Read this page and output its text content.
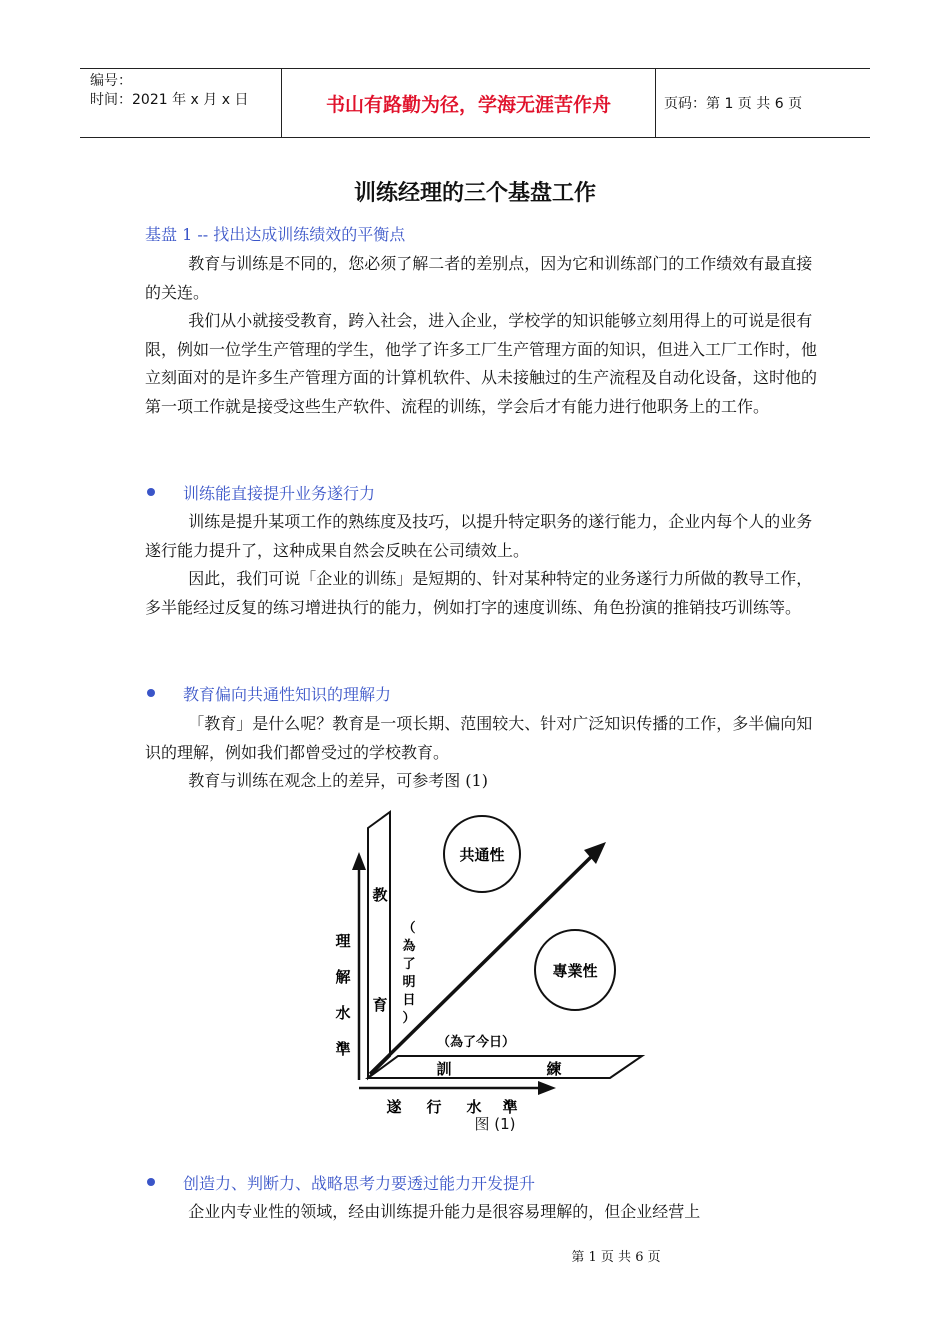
编号：
时间：2021 年 x 月 x 日	书山有路勤为径，学海无涯苦作舟	页码：第 1 页 共 6 页
训练经理的三个基盘工作
基盘 1 -- 找出达成训练绩效的平衡点

教育与训练是不同的，您必须了解二者的差别点，因为它和训练部门的工作绩效有最直接的关连。

我们从小就接受教育，跨入社会，进入企业，学校学的知识能够立刻用得上的可说是很有限，例如一位学生产管理的学生，他学了许多工厂生产管理方面的知识，但进入工厂工作时，他立刻面对的是许多生产管理方面的计算机软件、从未接触过的生产流程及自动化设备，这时他的第一项工作就是接受这些生产软件、流程的训练，学会后才有能力进行他职务上的工作。

训练能直接提升业务遂行力

训练是提升某项工作的熟练度及技巧，以提升特定职务的遂行能力，企业内每个人的业务遂行能力提升了，这种成果自然会反映在公司绩效上。

因此，我们可说「企业的训练」是短期的、针对某种特定的业务遂行力所做的教导工作，多半能经过反复的练习增进执行的能力，例如打字的速度训练、角色扮演的推销技巧训练等。

教育偏向共通性知识的理解力

「教育」是什么呢？教育是一项长期、范围较大、针对广泛知识传播的工作，多半偏向知识的理解，例如我们都曾受过的学校教育。

教育与训练在观念上的差异，可参考图 (1)

共通性
專業性
理
解
水
準
遂 行 水 準
教
育
（
為
了
明
日
）
（為了今日）
訓	練
图 (1)
创造力、判断力、战略思考力要透过能力开发提升

企业内专业性的领域，经由训练提升能力是很容易理解的，但企业经营上

第 1 页 共 6 页
